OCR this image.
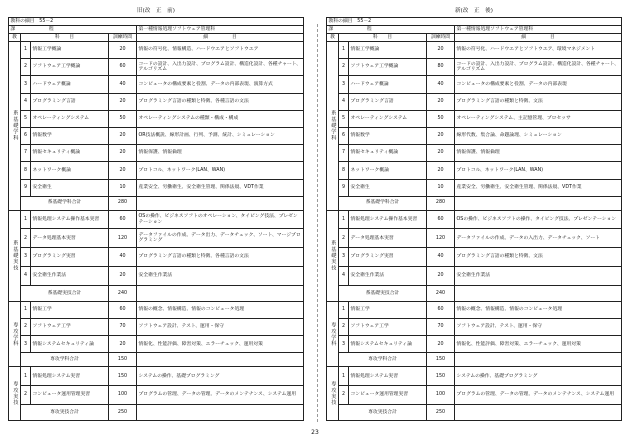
旧(改　正　前)
教科の細目　55－2				
課　　　　　　　程				第一種情報処理ソフトウェア管理科
教	科　　目		訓練時間	細　　　　　目
系基礎学科	1	情報工学概論	20	情報の符号化、情報構造、ハードウエアとソフトウエア
	2	ソフトウェア工学概論	60	コードの設計、入出力設計、プログラム設計、構造化設計、各種チャート、アルゴリズム
	3	ハードウェア概論	40	コンピュータの構成要素と役割、データの内部表現、演算方式
	4	プログラミング言語	20	プログラミング言語の種類と特徴、各種言語の文法
	5	オペレーティングシステム	50	オペレーティングシステムの種類・構成・構成
	6	情報数学	20	OR技法概説、線形計画、行列、予測、統計、シミュレーション
	7	情報セキュリティ概論	20	情報保護、情報倫理
	8	ネットワーク概論	20	プロトコル、ネットワーク(LAN、WAN)
	9	安全衛生	10	産業安全、労働衛生、安全衛生管理、関係法規、VDT作業
	系基礎学科合計		280	
系基礎実技	1	情報処理システム操作基本実習	60	OSの操作、ビジネスソフトのオペレーション、タイピング技法、プレゼンテーション
	2	データ処理基本実習	120	データファイルの作成、データ出力、データチェック、ソート、マージプログラミング
	3	プログラミング実習	40	プログラミング言語の種類と特徴、各種言語の文法
	4	安全衛生作業法	20	安全衛生作業法
	系基礎実技合計		240	
専攻学科	1	情報工学	60	情報の概念、情報構造、情報のコンピュータ処理
	2	ソフトウェア工学	70	ソフトウェア設計、テスト、運用・保守
	3	情報システムセキュリティ論	20	情報化、性能評価、障害対策、エラーチェック、運用対策
	専攻学科合計		150	
専攻実技	1	情報処理システム実習	150	システムの操作、基礎プログラミング
	2	コンピュータ運用管理実習	100	プログラムの管理、データの管理、データのメンテナンス、システム運用
	専攻実技合計		250	
新(改　正　後)
教科の細目　55－2				
課　　　　　　　程				第一種情報処理ソフトウェア管理科
教	科　　目		訓練時間	細　　　　　目
系基礎学科	1	情報工学概論	20	情報の符号化、ハードウエアとソフトウエア、環境マネジメント
	2	ソフトウェア工学概論	80	コードの設計、入出力設計、プログラム設計、構造化設計、各種チャート、アルゴリズム
	3	ハードウェア概論	40	コンピュータの構成要素と役割、データの内部表現
	4	プログラミング言語	20	プログラミング言語の種類と特徴、文法
	5	オペレーティングシステム	50	オペレーティングシステム、主記憶管理、プロセッサ
	6	情報数学	20	線形代数、集合論、命題論理、シミュレーション
	7	情報セキュリティ概論	20	情報保護、情報倫理
	8	ネットワーク概論	20	プロトコル、ネットワーク(LAN、WAN)
	9	安全衛生	10	産業安全、労働衛生、安全衛生管理、関係法規、VDT作業
	系基礎学科合計		280	
系基礎実技	1	情報処理システム操作基本実習	60	OSの操作、ビジネスソフトの操作、タイピング技法、プレゼンテーション
	2	データ処理基本実習	120	データファイルの作成、データの入出力、データチェック、ソート
	3	プログラミング実習	40	プログラミング言語の種類と特徴、文法
	4	安全衛生作業法	20	安全衛生作業法
	系基礎実技合計		240	
専攻学科	1	情報工学	60	情報の概念、情報構造、情報のコンピュータ処理
	2	ソフトウェア工学	70	ソフトウェア設計、テスト、運用・保守
	3	情報システムセキュリティ論	20	情報化、性能評価、障害対策、エラーチェック、運用対策
	専攻学科合計		150	
専攻実技	1	情報処理システム実習	150	システムの操作、基礎プログラミング
	2	コンピュータ運用管理実習	100	プログラムの管理、データの管理、データのメンテナンス、システム運用
	専攻実技合計		250	
23
